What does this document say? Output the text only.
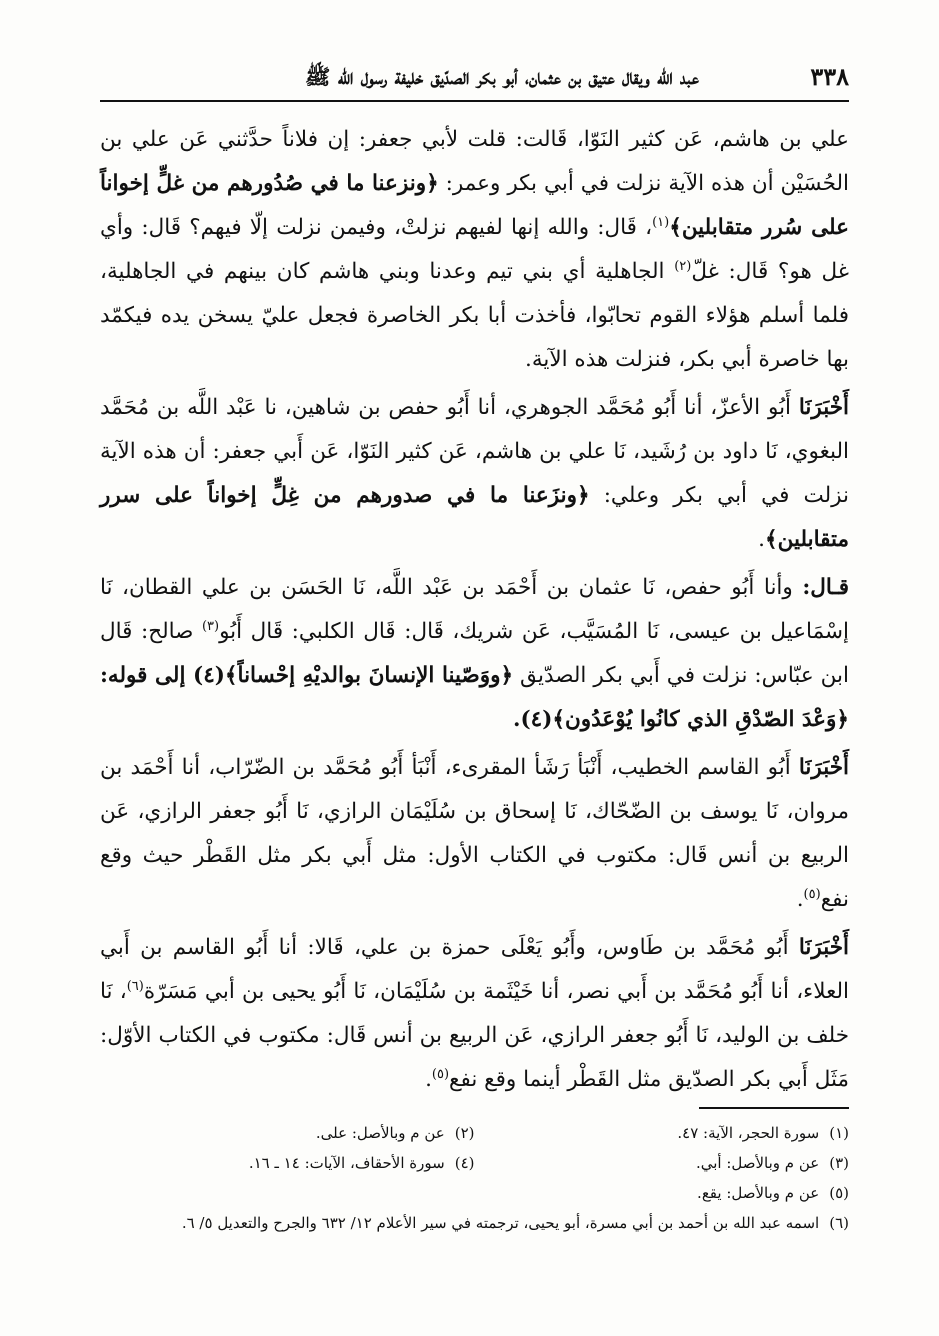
٣٣٨
عبد الله ويقال عتيق بن عثمان، أبو بكر الصدّيق خليفة رسول الله ﷺ

علي بن هاشم، عَن كثير النَوّا، قَالت: قلت لأبي جعفر: إن فلاناً حدَّثني عَن علي بن الحُسَيْن أن هذه الآية نزلت في أبي بكر وعمر: ﴿ونزعنا ما في صُدُورهم من غلٍّ إخواناً على سُرر متقابلين﴾$^{(١)}$، قَال: والله إنها لفيهم نزلتْ، وفيمن نزلت إلّا فيهم؟ قَال: وأي غل هو؟ قَال: غلّ$^{(٢)}$ الجاهلية أي بني تيم وعدنا وبني هاشم كان بينهم في الجاهلية، فلما أسلم هؤلاء القوم تحابّوا، فأخذت أبا بكر الخاصرة فجعل عليّ يسخن يده فيكمّد بها خاصرة أبي بكر، فنزلت هذه الآية.

أَخْبَرَنَا أَبُو الأعزّ، أنا أَبُو مُحَمَّد الجوهري، أنا أَبُو حفص بن شاهين، نا عَبْد اللَّه بن مُحَمَّد البغوي، نَا داود بن رُشَيد، نَا علي بن هاشم، عَن كثير النَوّا، عَن أَبي جعفر: أن هذه الآية نزلت في أبي بكر وعلي: ﴿ونزَعنا ما في صدورهم من غِلٍّ إخواناً على سرر متقابلين﴾.

قـال: وأنا أَبُو حفص، نَا عثمان بن أَحْمَد بن عَبْد اللَّه، نَا الحَسَن بن علي القطان، نَا إسْمَاعيل بن عيسى، نَا المُسَيَّب، عَن شريك، قَال: قَال الكلبي: قَال أَبُو$^{(٣)}$ صالح: قَال ابن عبّاس: نزلت في أَبي بكر الصدّيق ﴿ووَصّينا الإنسانَ بوالديْهِ إحْساناً﴾(٤) إلى قوله: ﴿وَعْدَ الصّدْقِ الذي كانُوا يُوْعَدُون﴾(٤).

أَخْبَرَنَا أَبُو القاسم الخطيب، أَنْبَأ رَشَأ المقرىء، أَنْبَأ أَبُو مُحَمَّد بن الضّرّاب، أنا أَحْمَد بن مروان، نَا يوسف بن الضّحّاك، نَا إسحاق بن سُلَيْمَان الرازي، نَا أَبُو جعفر الرازي، عَن الربيع بن أنس قَال: مكتوب في الكتاب الأول: مثل أَبي بكر مثل القَطْر حيث وقع نفع$^{(٥)}$.

أَخْبَرَنَا أَبُو مُحَمَّد بن طَاوس، وأَبُو يَعْلَى حمزة بن علي، قَالا: أنا أَبُو القاسم بن أَبي العلاء، أنا أَبُو مُحَمَّد بن أَبي نصر، أنا خَيْثَمة بن سُلَيْمَان، نَا أَبُو يحيى بن أبي مَسَرّة$^{(٦)}$، نَا خلف بن الوليد، نَا أَبُو جعفر الرازي، عَن الربيع بن أنس قَال: مكتوب في الكتاب الأوّل: مَثَل أَبي بكر الصدّيق مثل القَطْر أينما وقع نفع$^{(٥)}$.

(١)سورة الحجر، الآية: ٤٧.
(٢)عن م وبالأصل: على.
(٣)عن م وبالأصل: أبي.
(٤)سورة الأحقاف، الآيات: ١٤ ـ ١٦.
(٥)عن م وبالأصل: يقع.
(٦)اسمه عبد الله بن أحمد بن أبي مسرة، أبو يحيى، ترجمته في سير الأعلام ١٢/ ٦٣٢ والجرح والتعديل ٥/ ٦.
